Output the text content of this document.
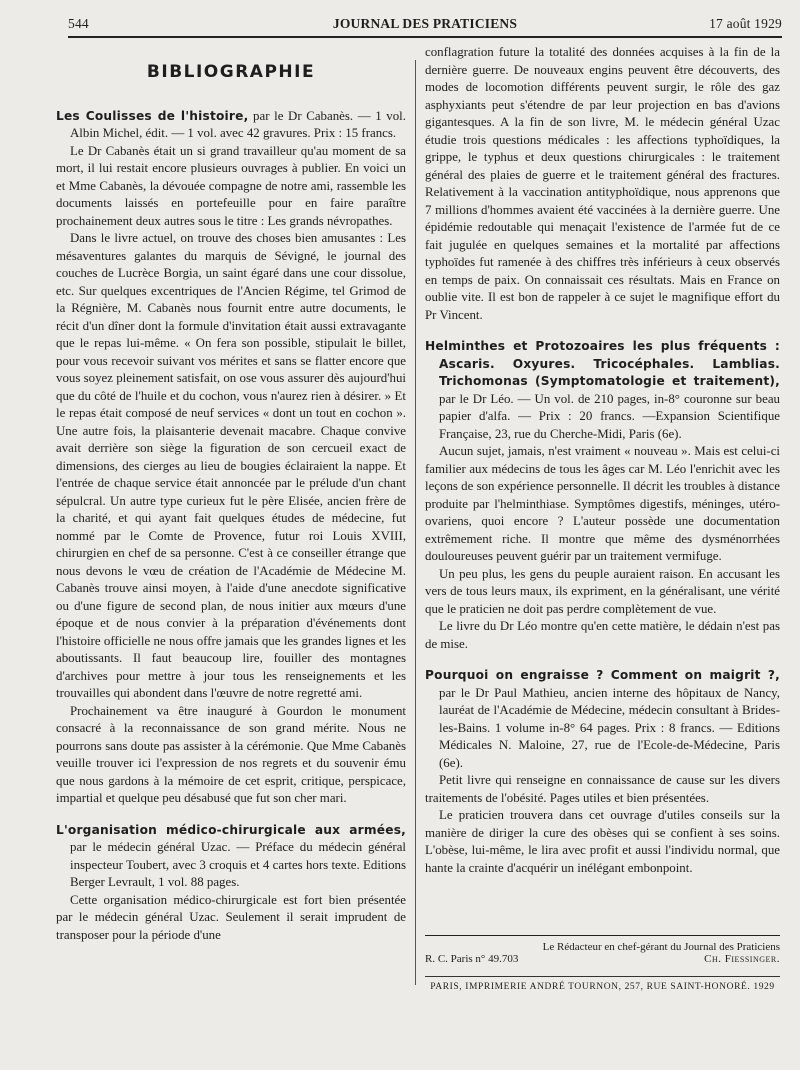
544	JOURNAL DES PRATICIENS	17 août 1929
BIBLIOGRAPHIE

Les Coulisses de l'histoire, par le Dr Cabanès. — 1 vol. Albin Michel, édit. — 1 vol. avec 42 gravures. Prix : 15 francs.

Le Dr Cabanès était un si grand travailleur qu'au moment de sa mort, il lui restait encore plusieurs ouvrages à publier. En voici un et Mme Cabanès, la dévouée compagne de notre ami, rassemble les documents laissés en portefeuille pour en faire paraître prochainement deux autres sous le titre : Les grands névropathes.

Dans le livre actuel, on trouve des choses bien amusantes : Les mésaventures galantes du marquis de Sévigné, le journal des couches de Lucrèce Borgia, un saint égaré dans une cour dissolue, etc. Sur quelques excentriques de l'Ancien Régime, tel Grimod de la Régnière, M. Cabanès nous fournit entre autre documents, le récit d'un dîner dont la formule d'invitation était aussi extravagante que le repas lui-même. « On fera son possible, stipulait le billet, pour vous recevoir suivant vos mérites et sans se flatter encore que vous soyez pleinement satisfait, on ose vous assurer dès aujourd'hui que du côté de l'huile et du cochon, vous n'aurez rien à désirer. » Et le repas était composé de neuf services « dont un tout en cochon ». Une autre fois, la plaisanterie devenait macabre. Chaque convive avait derrière son siège la figuration de son cercueil exact de dimensions, des cierges au lieu de bougies éclairaient la nappe. Et l'entrée de chaque service était annoncée par le prélude d'un chant sépulcral. Un autre type curieux fut le père Elisée, ancien frère de la charité, et qui ayant fait quelques études de médecine, fut nommé par le Comte de Provence, futur roi Louis XVIII, chirurgien en chef de sa personne. C'est à ce conseiller étrange que nous devons le vœu de création de l'Académie de Médecine M. Cabanès trouve ainsi moyen, à l'aide d'une anecdote significative ou d'une figure de second plan, de nous initier aux mœurs d'une époque et de nous convier à la préparation d'événements dont l'histoire officielle ne nous offre jamais que les grandes lignes et les aboutissants. Il faut beaucoup lire, fouiller des montagnes d'archives pour mettre à jour tous les renseignements et les trouvailles qui abondent dans l'œuvre de notre regretté ami.

Prochainement va être inauguré à Gourdon le monument consacré à la reconnaissance de son grand mérite. Nous ne pourrons sans doute pas assister à la cérémonie. Que Mme Cabanès veuille trouver ici l'expression de nos regrets et du souvenir ému que nous gardons à la mémoire de cet esprit, critique, perspicace, impartial et quelque peu désabusé que fut son cher mari.

L'organisation médico-chirurgicale aux armées, par le médecin général Uzac. — Préface du médecin général inspecteur Toubert, avec 3 croquis et 4 cartes hors texte. Editions Berger Levrault, 1 vol. 88 pages.

Cette organisation médico-chirurgicale est fort bien présentée par le médecin général Uzac. Seulement il serait imprudent de transposer pour la période d'une

conflagration future la totalité des données acquises à la fin de la dernière guerre. De nouveaux engins peuvent être découverts, des modes de locomotion différents peuvent surgir, le rôle des gaz asphyxiants peut s'étendre de par leur projection en bas d'avions gigantesques. A la fin de son livre, M. le médecin général Uzac étudie trois questions médicales : les affections typhoïdiques, la grippe, le typhus et deux questions chirurgicales : le traitement général des plaies de guerre et le traitement général des fractures. Relativement à la vaccination antityphoïdique, nous apprenons que 7 millions d'hommes avaient été vaccinées à la dernière guerre. Une épidémie redoutable qui menaçait l'existence de l'armée fut de ce fait jugulée en quelques semaines et la mortalité par affections typhoïdes fut ramenée à des chiffres très inférieurs à ceux observés en temps de paix. On connaissait ces résultats. Mais en France on oublie vite. Il est bon de rappeler à ce sujet le magnifique effort du Pr Vincent.

Helminthes et Protozoaires les plus fréquents : Ascaris. Oxyures. Tricocéphales. Lamblias. Trichomonas (Symptomatologie et traitement), par le Dr Léo. — Un vol. de 210 pages, in-8° couronne sur beau papier d'alfa. — Prix : 20 francs. —Expansion Scientifique Française, 23, rue du Cherche-Midi, Paris (6e).

Aucun sujet, jamais, n'est vraiment « nouveau ». Mais est celui-ci familier aux médecins de tous les âges car M. Léo l'enrichit avec les leçons de son expérience personnelle. Il décrit les troubles à distance produite par l'helminthiase. Symptômes digestifs, méninges, utéro-ovariens, quoi encore ? L'auteur possède une documentation extrêmement riche. Il montre que même des dysménorrhées douloureuses peuvent guérir par un traitement vermifuge.

Un peu plus, les gens du peuple auraient raison. En accusant les vers de tous leurs maux, ils expriment, en la généralisant, une vérité que le praticien ne doit pas perdre complètement de vue.

Le livre du Dr Léo montre qu'en cette matière, le dédain n'est pas de mise.

Pourquoi on engraisse ? Comment on maigrit ?, par le Dr Paul Mathieu, ancien interne des hôpitaux de Nancy, lauréat de l'Académie de Médecine, médecin consultant à Brides-les-Bains. 1 volume in-8° 64 pages. Prix : 8 francs. — Editions Médicales N. Maloine, 27, rue de l'Ecole-de-Médecine, Paris (6e).

Petit livre qui renseigne en connaissance de cause sur les divers traitements de l'obésité. Pages utiles et bien présentées.

Le praticien trouvera dans cet ouvrage d'utiles conseils sur la manière de diriger la cure des obèses qui se confient à ses soins. L'obèse, lui-même, le lira avec profit et aussi l'individu normal, que hante la crainte d'acquérir un inélégant embonpoint.

Le Rédacteur en chef-gérant du Journal des Praticiens
R. C. Paris n° 49.703	Ch. Fiessinger.
PARIS, IMPRIMERIE ANDRÉ TOURNON, 257, RUE SAINT-HONORÉ. 1929
